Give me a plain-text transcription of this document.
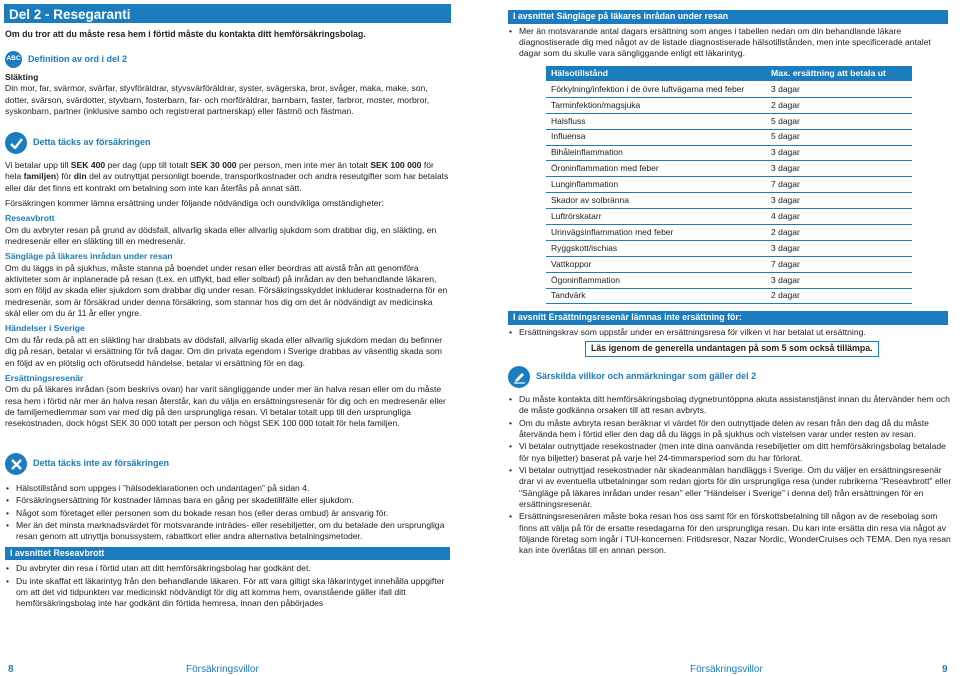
Del 2 - Resegaranti
Om du tror att du måste resa hem i förtid måste du kontakta ditt hemförsäkringsbolag.
ABC Definition av ord i del 2
Släkting

Din mor, far, svärmor, svärfar, styvföräldrar, styvsvärföräldrar, syster, svägerska, bror, svåger, maka, make, son, dotter, svärson, svärdotter, styvbarn, fosterbarn, far- och morföräldrar, barnbarn, faster, farbror, moster, morbror, syskonbarn, partner (inklusive sambo och registrerat partnerskap) eller fästmö och fästman.

Detta täcks av försäkringen

Vi betalar upp till SEK 400 per dag (upp till totalt SEK 30 000 per person, men inte mer än totalt SEK 100 000 för hela familjen) för din del av outnyttjat personligt boende, transportkostnader och andra reseutgifter som har betalats eller där det finns ett kontrakt om betalning som inte kan återfås på annat sätt.

Försäkringen kommer lämna ersättning under följande nödvändiga och oundvikliga omständigheter:

Reseavbrott

Om du avbryter resan på grund av dödsfall, allvarlig skada eller allvarlig sjukdom som drabbar dig, en släkting, en medresenär eller en släkting till en medresenär.

Sängläge på läkares inrådan under resan

Om du läggs in på sjukhus, måste stanna på boendet under resan eller beordras att avstå från att genomföra aktiviteter som är inplanerade på resan (t.ex. en utflykt, bad eller solbad) på inrådan av den behandlande läkaren, som en följd av skada eller sjukdom som drabbar dig under resan. Försäkringsskyddet inkluderar kostnaderna för en medresenär, som är försäkrad under denna försäkring, som stannar hos dig om det är nödvändigt av medicinska skäl eller om du är 11 år eller yngre.

Händelser i Sverige

Om du får reda på att en släkting har drabbats av dödsfall, allvarlig skada eller allvarlig sjukdom medan du befinner dig på resan, betalar vi ersättning för två dagar. Om din privata egendom i Sverige drabbas av väsentlig skada som en följd av en plötslig och oförutsedd händelse, betalar vi ersättning för en dag.

Ersättningsresenär

Om du på läkares inrådan (som beskrivs ovan) har varit sängliggande under mer än halva resan eller om du måste resa hem i förtid när mer än halva resan återstår, kan du välja en ersättningsresenär för dig och en medresenär eller de familjemedlemmar som var med dig på den ursprungliga resan. Vi betalar totalt upp till den ursprungliga resekostnaden, dock högst SEK 30 000 totalt per person och högst SEK 100 000 totalt för hela familjen.

Detta täcks inte av försäkringen
• Hälsotillstånd som uppges i ”hälsodeklarationen och undantagen” på sidan 4.
• Försäkringsersättning för kostnader lämnas bara en gång per skadetillfälle eller sjukdom.
• Något som företaget eller personen som du bokade resan hos (eller deras ombud) är ansvarig för.
• Mer än det minsta marknadsvärdet för motsvarande inträdes- eller resebiljetter, om du betalade den ursprungliga resan genom att utnyttja bonussystem, rabattkort eller andra alternativa betalningsmetoder.
I avsnittet Reseavbrott
• Du avbryter din resa i förtid utan att ditt hemförsäkringsbolag har godkänt det.
• Du inte skaffat ett läkarintyg från den behandlande läkaren. För att vara giltigt ska läkarintyget innehålla uppgifter om att det vid tidpunkten var medicinskt nödvändigt för dig att komma hem, ovanstående gäller ifall ditt hemförsäkringsbolag inte har godkänt din förtida hemresa, innan den påbörjades
8	Försäkringsvillor
I avsnittet Sängläge på läkares inrådan under resan
• Mer än motsvarande antal dagars ersättning som anges i tabellen nedan om din behandlande läkare diagnostiserade dig med något av de listade diagnostiserade hälsotillstånden, men inte specificerade antalet dagar som du skulle vara sängliggande enligt ett läkarintyg.
Hälsotillstånd	Max. ersättning att betala ut
Förkylning/infektion i de övre luftvägarna med feber	3 dagar
Tarminfektion/magsjuka	2 dagar
Halsfluss	5 dagar
Influensa	5 dagar
Bihåleinflammation	3 dagar
Öroninflammation med feber	3 dagar
Lunginflammation	7 dagar
Skador av solbränna	3 dagar
Luftrörskatarr	4 dagar
Urinvägsinflammation med feber	2 dagar
Ryggskott/ischias	3 dagar
Vattkoppor	7 dagar
Ögoninflammation	3 dagar
Tandvärk	2 dagar
I avsnitt Ersättningsresenär lämnas inte ersättning för:
• Ersättningskrav som uppstår under en ersättningsresa för vilken vi har betalat ut ersättning.
Läs igenom de generella undantagen på som 5 som också tillämpa.
Särskilda villkor och anmärkningar som gäller del 2
• Du måste kontakta ditt hemförsäkringsbolag dygnetruntöppna akuta assistanstjänst innan du återvänder hem och de måste godkänna orsaken till att resan avbryts.
• Om du måste avbryta resan beräknar vi värdet för den outnyttjade delen av resan från den dag då du måste återvända hem i förtid eller den dag då du läggs in på sjukhus och vistelsen varar under resten av resan.
• Vi betalar outnyttjade resekostnader (men inte dina oanvända resebiljetter om ditt hemförsäkringsbolag betalade för nya biljetter) baserat på varje hel 24-timmarsperiod som du har förlorat.
• Vi betalar outnyttjad resekostnader när skadeanmälan handläggs i Sverige. Om du väljer en ersättningsresenär drar vi av eventuella utbetalningar som redan gjorts för din ursprungliga resa (under rubrikerna "Reseavbrott" eller "Sängläge på läkares inrådan under resan" eller "Händelser i Sverige" i denna del) från ersättningen för en ersättningsresenär.
• Ersättningsresenären måste boka resan hos oss samt för en förskottsbetalning till någon av de resebolag som finns att välja på för de ersatte resedagarna för den ursprungliga resan. Du kan inte ersätta din resa via något av följande företag som ingår i TUI-koncernen: Fritidsresor, Nazar Nordic, WonderCruises och TEMA. Den nya resan kan inte överlåtas till en annan person.
Försäkringsvillor	9
